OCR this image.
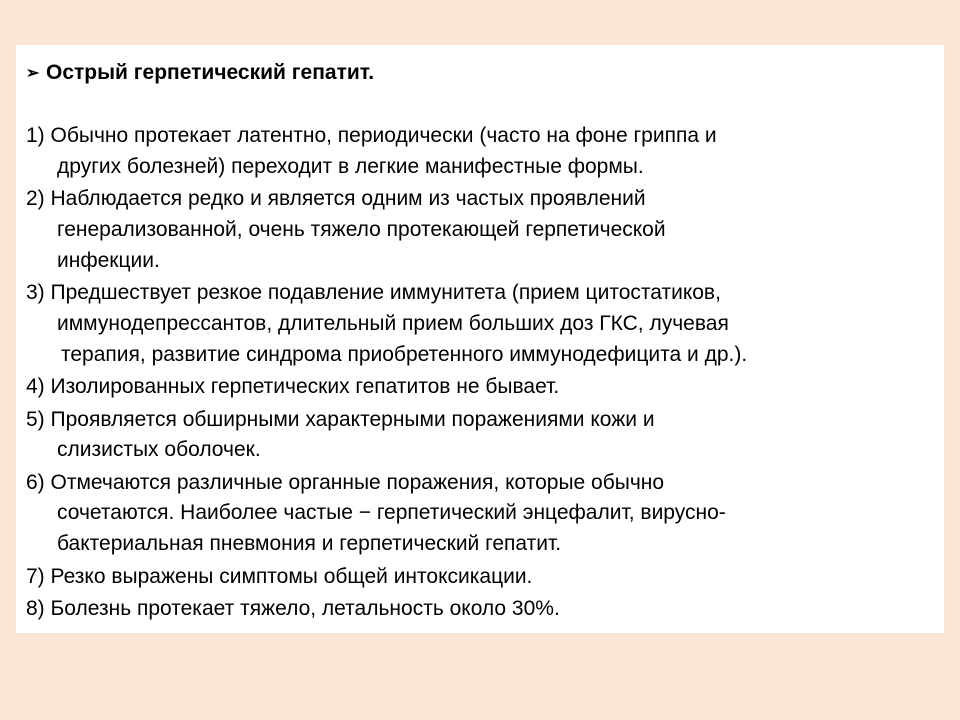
➢ Острый герпетический гепатит.
1) Обычно протекает латентно, периодически (часто на фоне гриппа и
другиx болезней) переходит в легкие манифестные формы.
2) Наблюдается редко и является одним из частых проявлений
генерализованной, очень тяжело протекающей герпетической
инфекции.
3) Предшествует резкое подавление иммунитета (прием цитостатиков,
иммунодепрессантов, длительный прием больших доз ГКС, лучевая
терапия, развитие синдрома приобретенного иммунодефицита и др.).
4) Изолированных герпетических гепатитов не бывает.
5) Проявляется обширными характерными поражениями кожи и
слизистых оболочек.
6) Отмечаются различные органные поражения, которые обычно
сочетаются. Наиболее частые − герпетический энцефалит, вирусно-
бактериальная пневмония и герпетический гепатит.
7) Резко выражены симптомы общей интоксикации.
8) Болезнь протекает тяжело, летальность около 30%.
